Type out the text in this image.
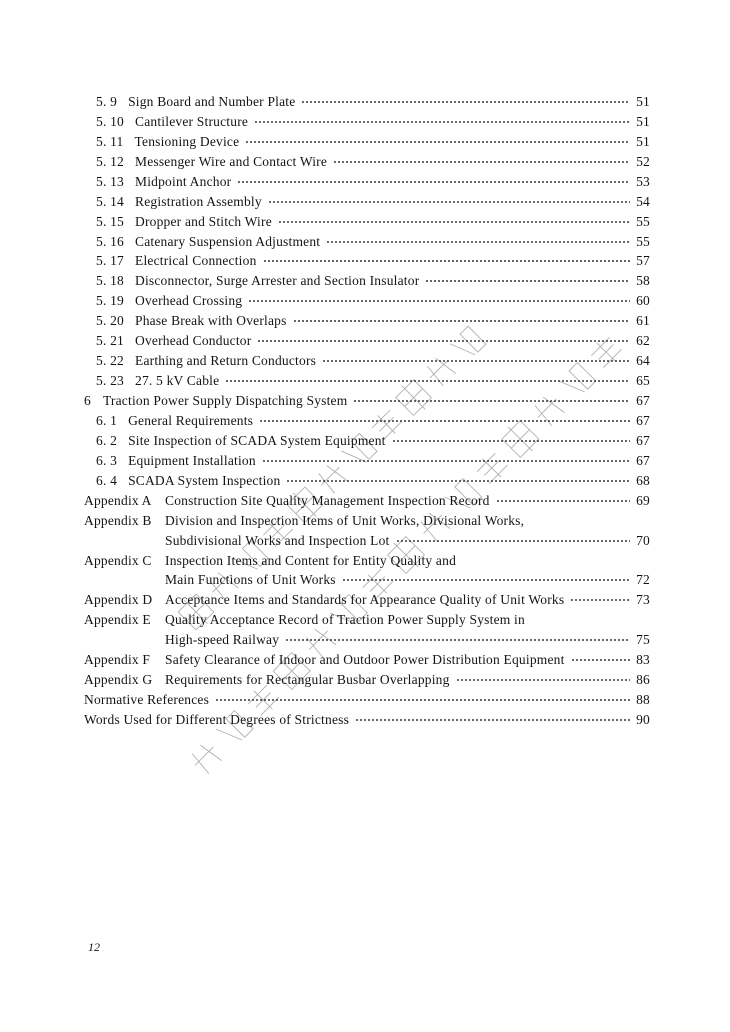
5. 9 Sign Board and Number Plate	51
5. 10 Cantilever Structure	51
5. 11 Tensioning Device	51
5. 12 Messenger Wire and Contact Wire	52
5. 13 Midpoint Anchor	53
5. 14 Registration Assembly	54
5. 15 Dropper and Stitch Wire	55
5. 16 Catenary Suspension Adjustment	55
5. 17 Electrical Connection	57
5. 18 Disconnector, Surge Arrester and Section Insulator	58
5. 19 Overhead Crossing	60
5. 20 Phase Break with Overlaps	61
5. 21 Overhead Conductor	62
5. 22 Earthing and Return Conductors	64
5. 23 27. 5 kV Cable	65
6 Traction Power Supply Dispatching System	67
6. 1 General Requirements	67
6. 2 Site Inspection of SCADA System Equipment	67
6. 3 Equipment Installation	67
6. 4 SCADA System Inspection	68
Appendix A Construction Site Quality Management Inspection Record	69
Appendix B Division and Inspection Items of Unit Works, Divisional Works,
Subdivisional Works and Inspection Lot	70
Appendix C Inspection Items and Content for Entity Quality and
Main Functions of Unit Works	72
Appendix D Acceptance Items and Standards for Appearance Quality of Unit Works	73
Appendix E	Quality Acceptance Record of Traction Power Supply System in
High-speed Railway	75
Appendix F	Safety Clearance of Indoor and Outdoor Power Distribution Equipment	83
Appendix G Requirements for Rectangular Busbar Overlapping	86
Normative References	88
Words Used for Different Degrees of Strictness	90
12
